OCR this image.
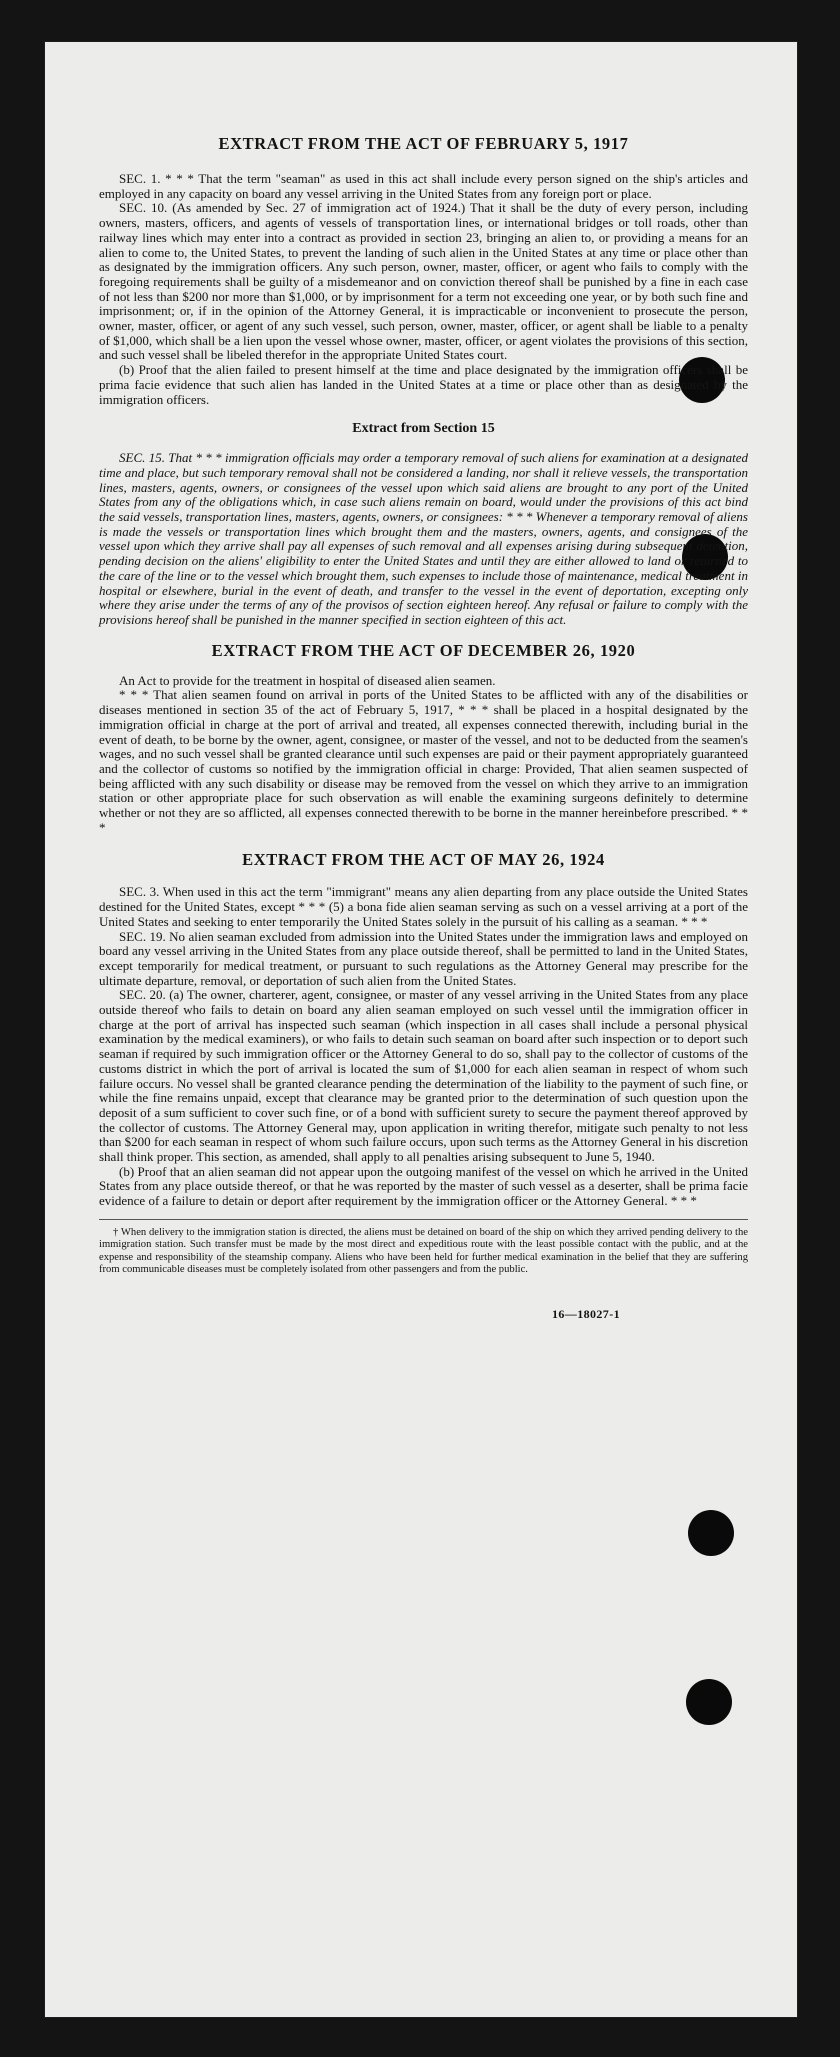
EXTRACT FROM THE ACT OF FEBRUARY 5, 1917

SEC. 1. * * * That the term "seaman" as used in this act shall include every person signed on the ship's articles and employed in any capacity on board any vessel arriving in the United States from any foreign port or place.

SEC. 10. (As amended by Sec. 27 of immigration act of 1924.) That it shall be the duty of every person, including owners, masters, officers, and agents of vessels of transportation lines, or international bridges or toll roads, other than railway lines which may enter into a contract as provided in section 23, bringing an alien to, or providing a means for an alien to come to, the United States, to prevent the landing of such alien in the United States at any time or place other than as designated by the immigration officers. Any such person, owner, master, officer, or agent who fails to comply with the foregoing requirements shall be guilty of a misdemeanor and on conviction thereof shall be punished by a fine in each case of not less than $200 nor more than $1,000, or by imprisonment for a term not exceeding one year, or by both such fine and imprisonment; or, if in the opinion of the Attorney General, it is impracticable or inconvenient to prosecute the person, owner, master, officer, or agent of any such vessel, such person, owner, master, officer, or agent shall be liable to a penalty of $1,000, which shall be a lien upon the vessel whose owner, master, officer, or agent violates the provisions of this section, and such vessel shall be libeled therefor in the appropriate United States court.

(b) Proof that the alien failed to present himself at the time and place designated by the immigration officers shall be prima facie evidence that such alien has landed in the United States at a time or place other than as designated by the immigration officers.

Extract from Section 15

SEC. 15. That * * * immigration officials may order a temporary removal of such aliens for examination at a designated time and place, but such temporary removal shall not be considered a landing, nor shall it relieve vessels, the transportation lines, masters, agents, owners, or consignees of the vessel upon which said aliens are brought to any port of the United States from any of the obligations which, in case such aliens remain on board, would under the provisions of this act bind the said vessels, transportation lines, masters, agents, owners, or consignees: * * * Whenever a temporary removal of aliens is made the vessels or transportation lines which brought them and the masters, owners, agents, and consignees of the vessel upon which they arrive shall pay all expenses of such removal and all expenses arising during subsequent detention, pending decision on the aliens' eligibility to enter the United States and until they are either allowed to land or returned to the care of the line or to the vessel which brought them, such expenses to include those of maintenance, medical treatment in hospital or elsewhere, burial in the event of death, and transfer to the vessel in the event of deportation, excepting only where they arise under the terms of any of the provisos of section eighteen hereof. Any refusal or failure to comply with the provisions hereof shall be punished in the manner specified in section eighteen of this act.

EXTRACT FROM THE ACT OF DECEMBER 26, 1920

An Act to provide for the treatment in hospital of diseased alien seamen.

* * * That alien seamen found on arrival in ports of the United States to be afflicted with any of the disabilities or diseases mentioned in section 35 of the act of February 5, 1917, * * * shall be placed in a hospital designated by the immigration official in charge at the port of arrival and treated, all expenses connected therewith, including burial in the event of death, to be borne by the owner, agent, consignee, or master of the vessel, and not to be deducted from the seamen's wages, and no such vessel shall be granted clearance until such expenses are paid or their payment appropriately guaranteed and the collector of customs so notified by the immigration official in charge: Provided, That alien seamen suspected of being afflicted with any such disability or disease may be removed from the vessel on which they arrive to an immigration station or other appropriate place for such observation as will enable the examining surgeons definitely to determine whether or not they are so afflicted, all expenses connected therewith to be borne in the manner hereinbefore prescribed. * * *

EXTRACT FROM THE ACT OF MAY 26, 1924

SEC. 3. When used in this act the term "immigrant" means any alien departing from any place outside the United States destined for the United States, except * * * (5) a bona fide alien seaman serving as such on a vessel arriving at a port of the United States and seeking to enter temporarily the United States solely in the pursuit of his calling as a seaman. * * *

SEC. 19. No alien seaman excluded from admission into the United States under the immigration laws and employed on board any vessel arriving in the United States from any place outside thereof, shall be permitted to land in the United States, except temporarily for medical treatment, or pursuant to such regulations as the Attorney General may prescribe for the ultimate departure, removal, or deportation of such alien from the United States.

SEC. 20. (a) The owner, charterer, agent, consignee, or master of any vessel arriving in the United States from any place outside thereof who fails to detain on board any alien seaman employed on such vessel until the immigration officer in charge at the port of arrival has inspected such seaman (which inspection in all cases shall include a personal physical examination by the medical examiners), or who fails to detain such seaman on board after such inspection or to deport such seaman if required by such immigration officer or the Attorney General to do so, shall pay to the collector of customs of the customs district in which the port of arrival is located the sum of $1,000 for each alien seaman in respect of whom such failure occurs. No vessel shall be granted clearance pending the determination of the liability to the payment of such fine, or while the fine remains unpaid, except that clearance may be granted prior to the determination of such question upon the deposit of a sum sufficient to cover such fine, or of a bond with sufficient surety to secure the payment thereof approved by the collector of customs. The Attorney General may, upon application in writing therefor, mitigate such penalty to not less than $200 for each seaman in respect of whom such failure occurs, upon such terms as the Attorney General in his discretion shall think proper. This section, as amended, shall apply to all penalties arising subsequent to June 5, 1940.

(b) Proof that an alien seaman did not appear upon the outgoing manifest of the vessel on which he arrived in the United States from any place outside thereof, or that he was reported by the master of such vessel as a deserter, shall be prima facie evidence of a failure to detain or deport after requirement by the immigration officer or the Attorney General. * * *

† When delivery to the immigration station is directed, the aliens must be detained on board of the ship on which they arrived pending delivery to the immigration station. Such transfer must be made by the most direct and expeditious route with the least possible contact with the public, and at the expense and responsibility of the steamship company. Aliens who have been held for further medical examination in the belief that they are suffering from communicable diseases must be completely isolated from other passengers and from the public.

16—18027-1
